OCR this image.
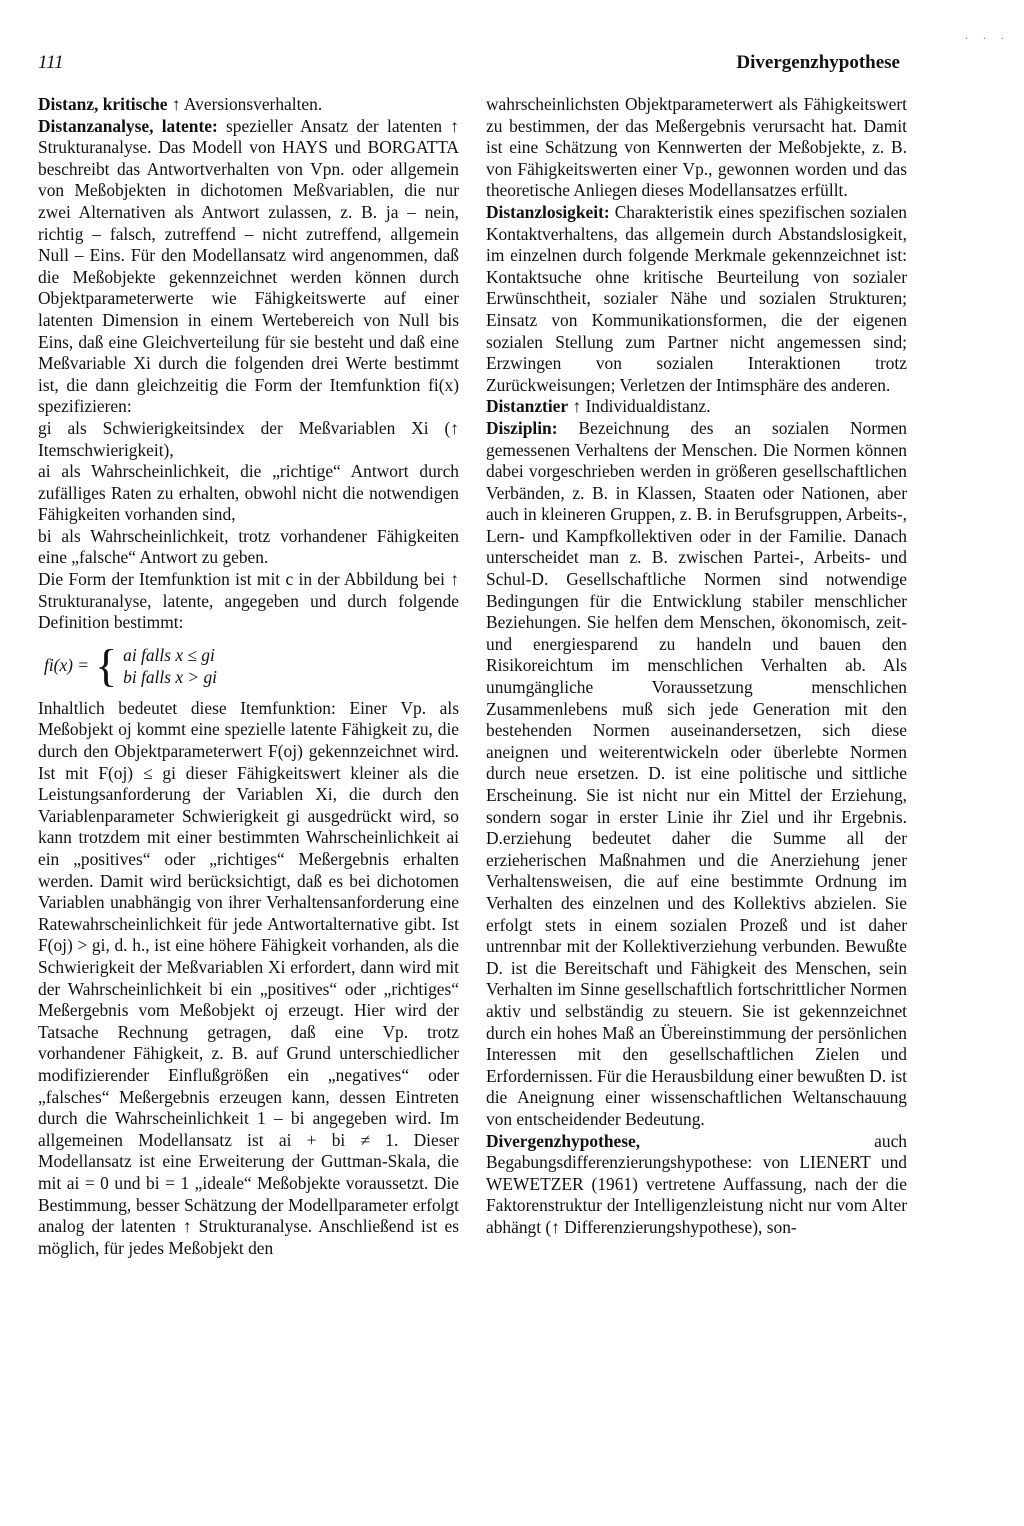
. . .
111	Divergenzhypothese

Distanz, kritische ↑ Aversionsverhalten.

Distanzanalyse, latente: spezieller Ansatz der latenten ↑ Strukturanalyse. Das Modell von HAYS und BORGATTA beschreibt das Antwortverhalten von Vpn. oder allgemein von Meßobjekten in dichotomen Meßvariablen, die nur zwei Alternativen als Antwort zulassen, z. B. ja – nein, richtig – falsch, zutreffend – nicht zutreffend, allgemein Null – Eins. Für den Modellansatz wird angenommen, daß die Meßobjekte gekennzeichnet werden können durch Objektparameterwerte wie Fähigkeitswerte auf einer latenten Dimension in einem Wertebereich von Null bis Eins, daß eine Gleichverteilung für sie besteht und daß eine Meßvariable Xi durch die folgenden drei Werte bestimmt ist, die dann gleichzeitig die Form der Itemfunktion fi(x) spezifizieren:

gi als Schwierigkeitsindex der Meßvariablen Xi (↑ Itemschwierigkeit),

ai als Wahrscheinlichkeit, die „richtige“ Antwort durch zufälliges Raten zu erhalten, obwohl nicht die notwendigen Fähigkeiten vorhanden sind,

bi als Wahrscheinlichkeit, trotz vorhandener Fähigkeiten eine „falsche“ Antwort zu geben.

Die Form der Itemfunktion ist mit c in der Abbildung bei ↑ Strukturanalyse, latente, angegeben und durch folgende Definition bestimmt:

fi(x) = { ai falls x ≤ gi
bi falls x > gi

Inhaltlich bedeutet diese Itemfunktion: Einer Vp. als Meßobjekt oj kommt eine spezielle latente Fähigkeit zu, die durch den Objektparameterwert F(oj) gekennzeichnet wird. Ist mit F(oj) ≤ gi dieser Fähigkeitswert kleiner als die Leistungsanforderung der Variablen Xi, die durch den Variablenparameter Schwierigkeit gi ausgedrückt wird, so kann trotzdem mit einer bestimmten Wahrscheinlichkeit ai ein „positives“ oder „richtiges“ Meßergebnis erhalten werden. Damit wird berücksichtigt, daß es bei dichotomen Variablen unabhängig von ihrer Verhaltensanforderung eine Ratewahrscheinlichkeit für jede Antwortalternative gibt. Ist F(oj) > gi, d. h., ist eine höhere Fähigkeit vorhanden, als die Schwierigkeit der Meßvariablen Xi erfordert, dann wird mit der Wahrscheinlichkeit bi ein „positives“ oder „richtiges“ Meßergebnis vom Meßobjekt oj erzeugt. Hier wird der Tatsache Rechnung getragen, daß eine Vp. trotz vorhandener Fähigkeit, z. B. auf Grund unterschiedlicher modifizierender Einflußgrößen ein „negatives“ oder „falsches“ Meßergebnis erzeugen kann, dessen Eintreten durch die Wahrscheinlichkeit 1 – bi angegeben wird. Im allgemeinen Modellansatz ist ai + bi ≠ 1. Dieser Modellansatz ist eine Erweiterung der Guttman-Skala, die mit ai = 0 und bi = 1 „ideale“ Meßobjekte voraussetzt. Die Bestimmung, besser Schätzung der Modellparameter erfolgt analog der latenten ↑ Strukturanalyse. Anschließend ist es möglich, für jedes Meßobjekt den

wahrscheinlichsten Objektparameterwert als Fähigkeitswert zu bestimmen, der das Meßergebnis verursacht hat. Damit ist eine Schätzung von Kennwerten der Meßobjekte, z. B. von Fähigkeitswerten einer Vp., gewonnen worden und das theoretische Anliegen dieses Modellansatzes erfüllt.

Distanzlosigkeit: Charakteristik eines spezifischen sozialen Kontaktverhaltens, das allgemein durch Abstandslosigkeit, im einzelnen durch folgende Merkmale gekennzeichnet ist: Kontaktsuche ohne kritische Beurteilung von sozialer Erwünschtheit, sozialer Nähe und sozialen Strukturen; Einsatz von Kommunikationsformen, die der eigenen sozialen Stellung zum Partner nicht angemessen sind; Erzwingen von sozialen Interaktionen trotz Zurückweisungen; Verletzen der Intimsphäre des anderen.

Distanztier ↑ Individualdistanz.

Disziplin: Bezeichnung des an sozialen Normen gemessenen Verhaltens der Menschen. Die Normen können dabei vorgeschrieben werden in größeren gesellschaftlichen Verbänden, z. B. in Klassen, Staaten oder Nationen, aber auch in kleineren Gruppen, z. B. in Berufsgruppen, Arbeits-, Lern- und Kampfkollektiven oder in der Familie. Danach unterscheidet man z. B. zwischen Partei-, Arbeits- und Schul-D. Gesellschaftliche Normen sind notwendige Bedingungen für die Entwicklung stabiler menschlicher Beziehungen. Sie helfen dem Menschen, ökonomisch, zeit- und energiesparend zu handeln und bauen den Risikoreichtum im menschlichen Verhalten ab. Als unumgängliche Voraussetzung menschlichen Zusammenlebens muß sich jede Generation mit den bestehenden Normen auseinandersetzen, sich diese aneignen und weiterentwickeln oder überlebte Normen durch neue ersetzen. D. ist eine politische und sittliche Erscheinung. Sie ist nicht nur ein Mittel der Erziehung, sondern sogar in erster Linie ihr Ziel und ihr Ergebnis. D.erziehung bedeutet daher die Summe all der erzieherischen Maßnahmen und die Anerziehung jener Verhaltensweisen, die auf eine bestimmte Ordnung im Verhalten des einzelnen und des Kollektivs abzielen. Sie erfolgt stets in einem sozialen Prozeß und ist daher untrennbar mit der Kollektiverziehung verbunden. Bewußte D. ist die Bereitschaft und Fähigkeit des Menschen, sein Verhalten im Sinne gesellschaftlich fortschrittlicher Normen aktiv und selbständig zu steuern. Sie ist gekennzeichnet durch ein hohes Maß an Übereinstimmung der persönlichen Interessen mit den gesellschaftlichen Zielen und Erfordernissen. Für die Herausbildung einer bewußten D. ist die Aneignung einer wissenschaftlichen Weltanschauung von entscheidender Bedeutung.

Divergenzhypothese, auch Begabungsdifferenzierungshypothese: von LIENERT und WEWETZER (1961) vertretene Auffassung, nach der die Faktorenstruktur der Intelligenzleistung nicht nur vom Alter abhängt (↑ Differenzierungshypothese), son-
